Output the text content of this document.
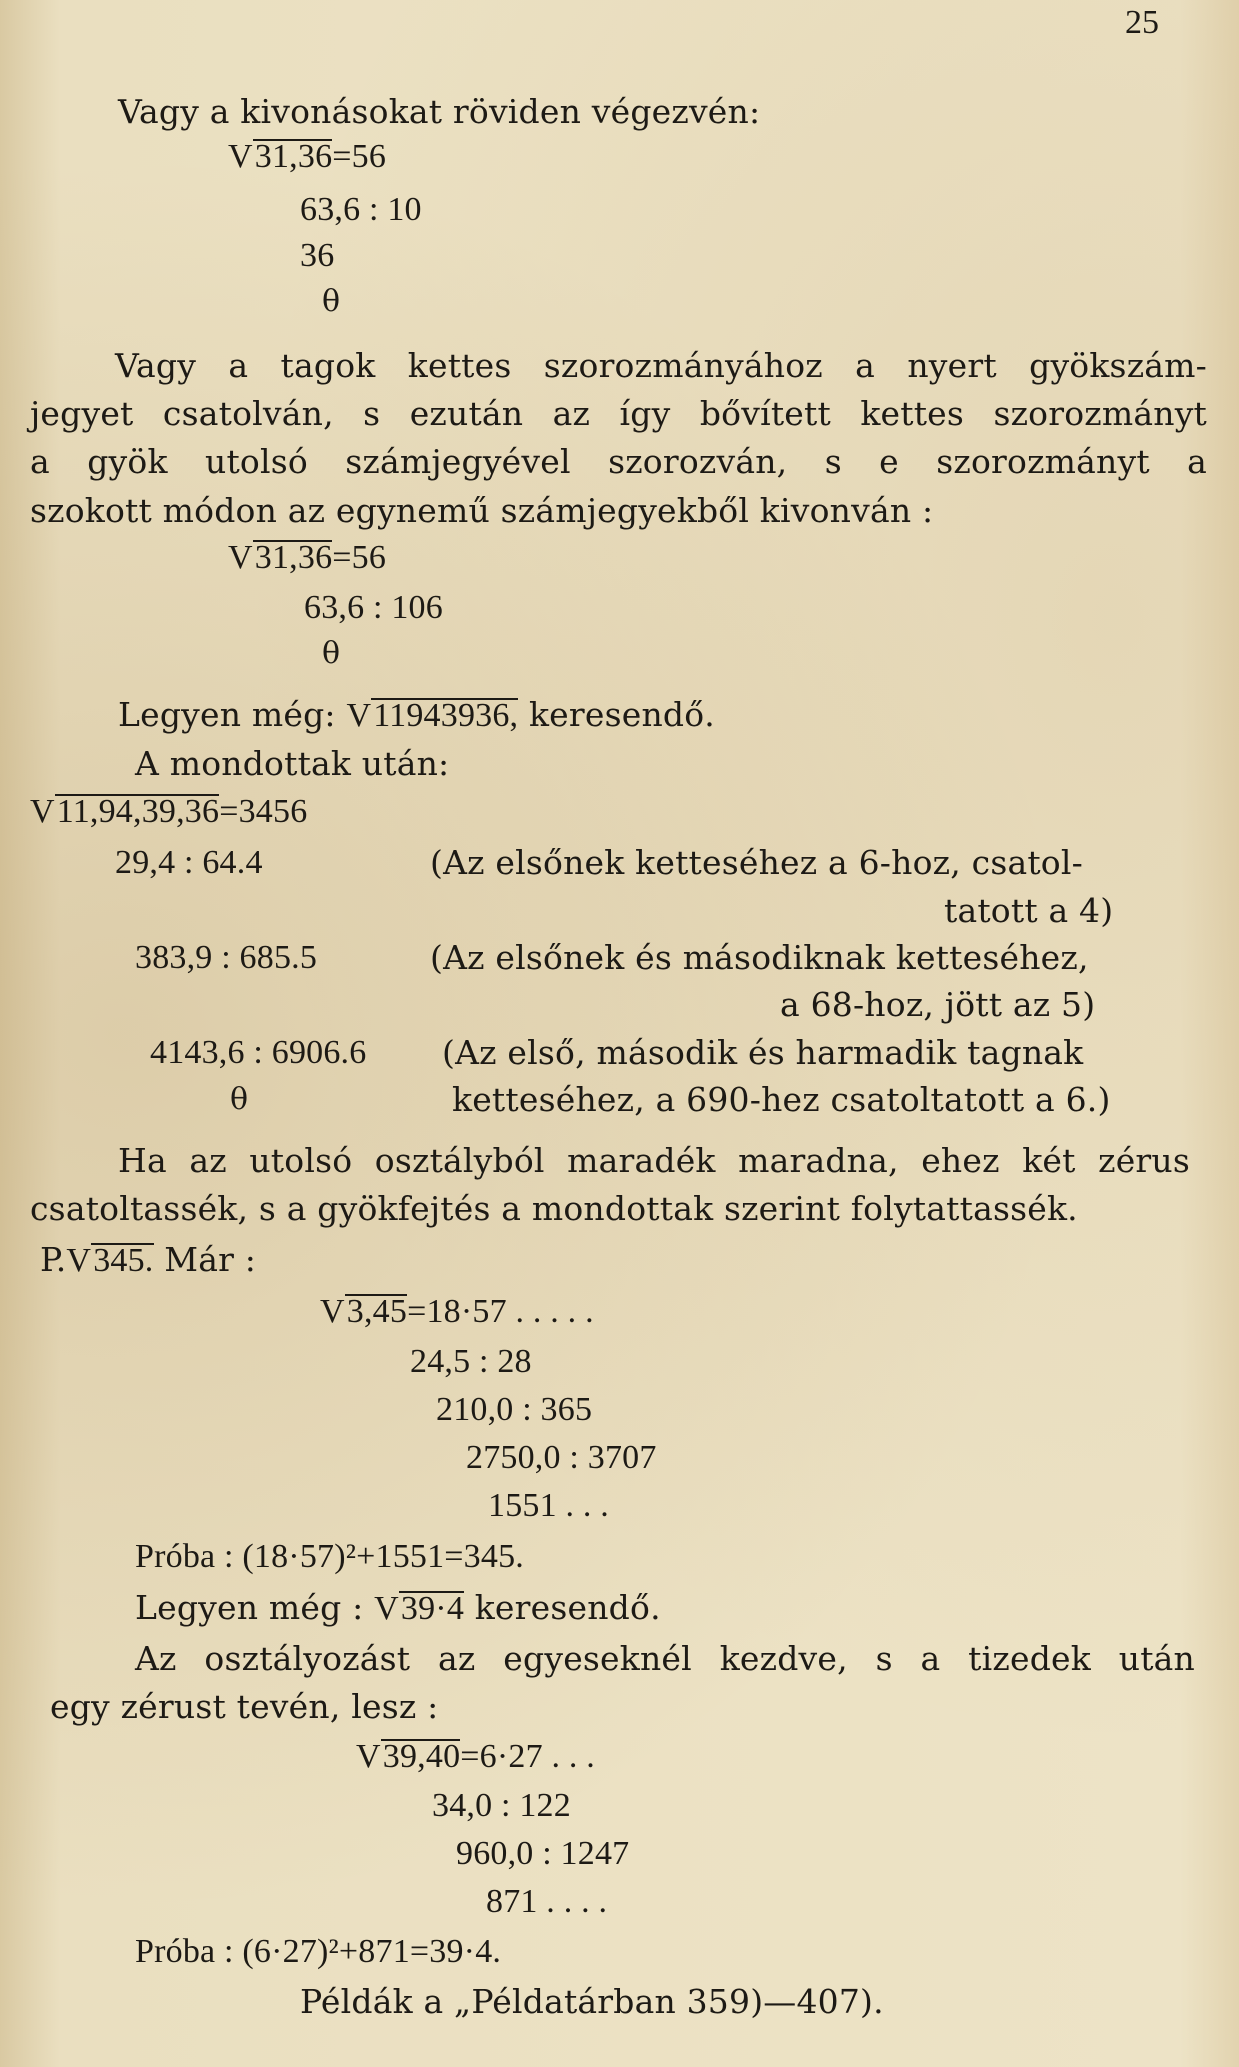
25
Vagy a kivonásokat röviden végezvén:
V31,36=56
63,6 : 10
36
θ
Vagy a tagok kettes szorozmányához a nyert gyökszám-
jegyet csatolván, s ezután az így bővített kettes szorozmányt
a gyök utolsó számjegyével szorozván, s e szorozmányt a
szokott módon az egynemű számjegyekből kivonván :
V31,36=56
63,6 : 106
θ
Legyen még: V11943936, keresendő.
A mondottak után:
V11,94,39,36=3456
29,4 : 64.4	(Az elsőnek ketteséhez a 6-hoz, csatol-
tatott a 4)
383,9 : 685.5	(Az elsőnek és másodiknak ketteséhez,
a 68-hoz, jött az 5)
4143,6 : 6906.6 (Az első, második és harmadik tagnak
θ	ketteséhez, a 690-hez csatoltatott a 6.)
Ha az utolsó osztályból maradék maradna, ehez két zérus
csatoltassék, s a gyökfejtés a mondottak szerint folytattassék.
P.V345. Már :
V3,45=18·57 . . . . .
24,5 : 28
210,0 : 365
2750,0 : 3707
1551 . . .
Próba : (18·57)²+1551=345.
Legyen még : V39·4 keresendő.
Az osztályozást az egyeseknél kezdve, s a tizedek után
egy zérust tevén, lesz :
V39,40=6·27 . . .
34,0 : 122
960,0 : 1247
871 . . . .
Próba : (6·27)²+871=39·4.
Példák a „Példatárban 359)—407).
